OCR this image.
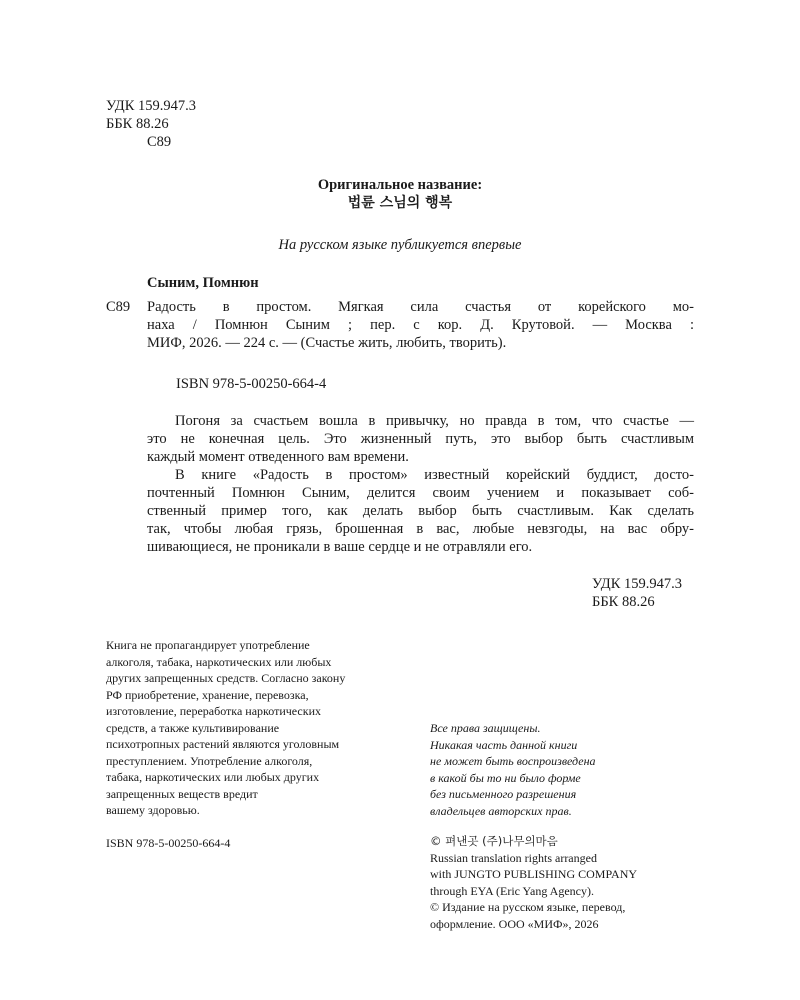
УДК 159.947.3
ББК 88.26
С89
Оригинальное название:
법륜 스님의 행복
На русском языке публикуется впервые
Сыним, Помнюн
С89 Радость в простом. Мягкая сила счастья от корейского мо-
наха / Помнюн Сыним ; пер. с кор. Д. Крутовой. — Москва :
МИФ, 2026. — 224 с. — (Счастье жить, любить, творить).
ISBN 978-5-00250-664-4
Погоня за счастьем вошла в привычку, но правда в том, что счастье —
это не конечная цель. Это жизненный путь, это выбор быть счастливым
каждый момент отведенного вам времени.
В книге «Радость в простом» известный корейский буддист, досто-
почтенный Помнюн Сыним, делится своим учением и показывает соб-
ственный пример того, как делать выбор быть счастливым. Как сделать
так, чтобы любая грязь, брошенная в вас, любые невзгоды, на вас обру-
шивающиеся, не проникали в ваше сердце и не отравляли его.
УДК 159.947.3
ББК 88.26
Книга не пропагандирует употребление
алкоголя, табака, наркотических или любых
других запрещенных средств. Согласно закону
РФ приобретение, хранение, перевозка,
изготовление, переработка наркотических
средств, а также культивирование
психотропных растений являются уголовным
преступлением. Употребление алкоголя,
табака, наркотических или любых других
запрещенных веществ вредит
вашему здоровью.
Все права защищены.
Никакая часть данной книги
не может быть воспроизведена
в какой бы то ни было форме
без письменного разрешения
владельцев авторских прав.
ISBN 978-5-00250-664-4	© 펴낸곳 (주)나무의마음
Russian translation rights arranged
with JUNGTO PUBLISHING COMPANY
through EYA (Eric Yang Agency).
© Издание на русском языке, перевод,
оформление. ООО «МИФ», 2026
